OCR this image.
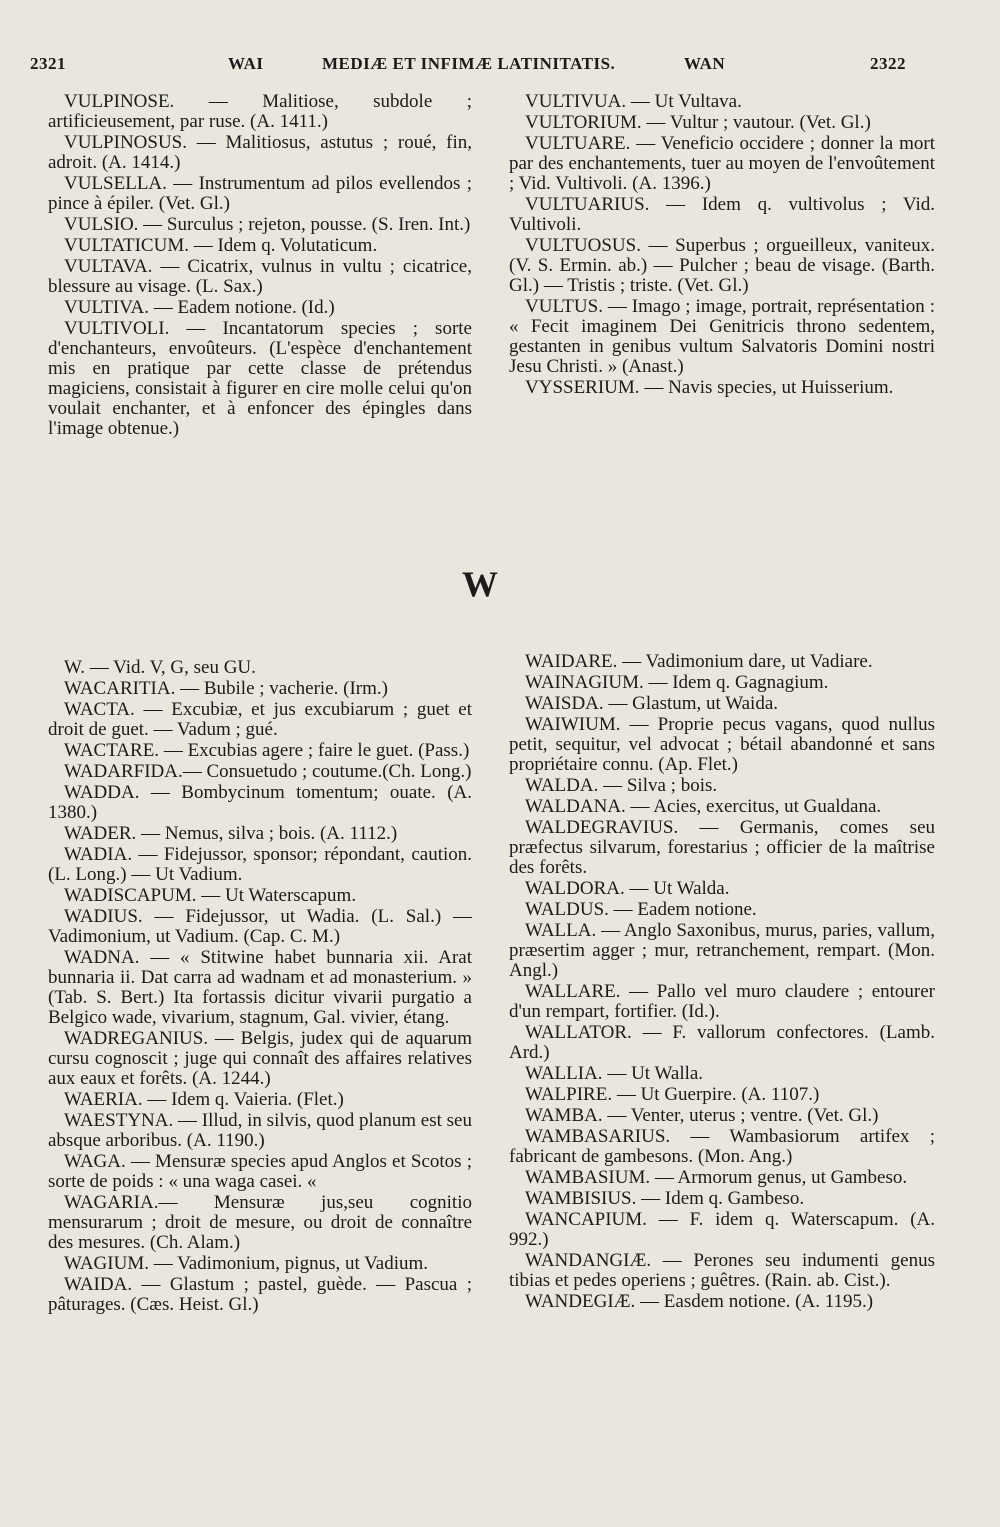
2321	WAI	MEDIÆ ET INFIMÆ LATINITATIS.	WAN	2322

VULPINOSE. — Malitiose, subdole ; artificieusement, par ruse. (A. 1411.)

VULPINOSUS. — Malitiosus, astutus ; roué, fin, adroit. (A. 1414.)

VULSELLA. — Instrumentum ad pilos evellendos ; pince à épiler. (Vet. Gl.)

VULSIO. — Surculus ; rejeton, pousse. (S. Iren. Int.)

VULTATICUM. — Idem q. Volutaticum.

VULTAVA. — Cicatrix, vulnus in vultu ; cicatrice, blessure au visage. (L. Sax.)

VULTIVA. — Eadem notione. (Id.)

VULTIVOLI. — Incantatorum species ; sorte d'enchanteurs, envoûteurs. (L'espèce d'enchantement mis en pratique par cette classe de prétendus magiciens, consistait à figurer en cire molle celui qu'on voulait enchanter, et à enfoncer des épingles dans l'image obtenue.)

VULTIVUA. — Ut Vultava.

VULTORIUM. — Vultur ; vautour. (Vet. Gl.)

VULTUARE. — Veneficio occidere ; donner la mort par des enchantements, tuer au moyen de l'envoûtement ; Vid. Vultivoli. (A. 1396.)

VULTUARIUS. — Idem q. vultivolus ; Vid. Vultivoli.

VULTUOSUS. — Superbus ; orgueilleux, vaniteux. (V. S. Ermin. ab.) — Pulcher ; beau de visage. (Barth. Gl.) — Tristis ; triste. (Vet. Gl.)

VULTUS. — Imago ; image, portrait, représentation : « Fecit imaginem Dei Genitricis throno sedentem, gestanten in genibus vultum Salvatoris Domini nostri Jesu Christi. » (Anast.)

VYSSERIUM. — Navis species, ut Huisserium.

W

W. — Vid. V, G, seu GU.

WACARITIA. — Bubile ; vacherie. (Irm.)

WACTA. — Excubiæ, et jus excubiarum ; guet et droit de guet. — Vadum ; gué.

WACTARE. — Excubias agere ; faire le guet. (Pass.)

WADARFIDA.— Consuetudo ; coutume.(Ch. Long.)

WADDA. — Bombycinum tomentum; ouate. (A. 1380.)

WADER. — Nemus, silva ; bois. (A. 1112.)

WADIA. — Fidejussor, sponsor; répondant, caution. (L. Long.) — Ut Vadium.

WADISCAPUM. — Ut Waterscapum.

WADIUS. — Fidejussor, ut Wadia. (L. Sal.) — Vadimonium, ut Vadium. (Cap. C. M.)

WADNA. — « Stitwine habet bunnaria xii. Arat bunnaria ii. Dat carra ad wadnam et ad monasterium. » (Tab. S. Bert.) Ita fortassis dicitur vivarii purgatio a Belgico wade, vivarium, stagnum, Gal. vivier, étang.

WADREGANIUS. — Belgis, judex qui de aquarum cursu cognoscit ; juge qui connaît des affaires relatives aux eaux et forêts. (A. 1244.)

WAERIA. — Idem q. Vaieria. (Flet.)

WAESTYNA. — Illud, in silvis, quod planum est seu absque arboribus. (A. 1190.)

WAGA. — Mensuræ species apud Anglos et Scotos ; sorte de poids : « una waga casei. «

WAGARIA.— Mensuræ jus,seu cognitio mensurarum ; droit de mesure, ou droit de connaître des mesures. (Ch. Alam.)

WAGIUM. — Vadimonium, pignus, ut Vadium.

WAIDA. — Glastum ; pastel, guède. — Pascua ; pâturages. (Cæs. Heist. Gl.)

WAIDARE. — Vadimonium dare, ut Vadiare.

WAINAGIUM. — Idem q. Gagnagium.

WAISDA. — Glastum, ut Waida.

WAIWIUM. — Proprie pecus vagans, quod nullus petit, sequitur, vel advocat ; bétail abandonné et sans propriétaire connu. (Ap. Flet.)

WALDA. — Silva ; bois.

WALDANA. — Acies, exercitus, ut Gualdana.

WALDEGRAVIUS. — Germanis, comes seu præfectus silvarum, forestarius ; officier de la maîtrise des forêts.

WALDORA. — Ut Walda.

WALDUS. — Eadem notione.

WALLA. — Anglo Saxonibus, murus, paries, vallum, præsertim agger ; mur, retranchement, rempart. (Mon. Angl.)

WALLARE. — Pallo vel muro claudere ; entourer d'un rempart, fortifier. (Id.).

WALLATOR. — F. vallorum confectores. (Lamb. Ard.)

WALLIA. — Ut Walla.

WALPIRE. — Ut Guerpire. (A. 1107.)

WAMBA. — Venter, uterus ; ventre. (Vet. Gl.)

WAMBASARIUS. — Wambasiorum artifex ; fabricant de gambesons. (Mon. Ang.)

WAMBASIUM. — Armorum genus, ut Gambeso.

WAMBISIUS. — Idem q. Gambeso.

WANCAPIUM. — F. idem q. Waterscapum. (A. 992.)

WANDANGIÆ. — Perones seu indumenti genus tibias et pedes operiens ; guêtres. (Rain. ab. Cist.).

WANDEGIÆ. — Easdem notione. (A. 1195.)
